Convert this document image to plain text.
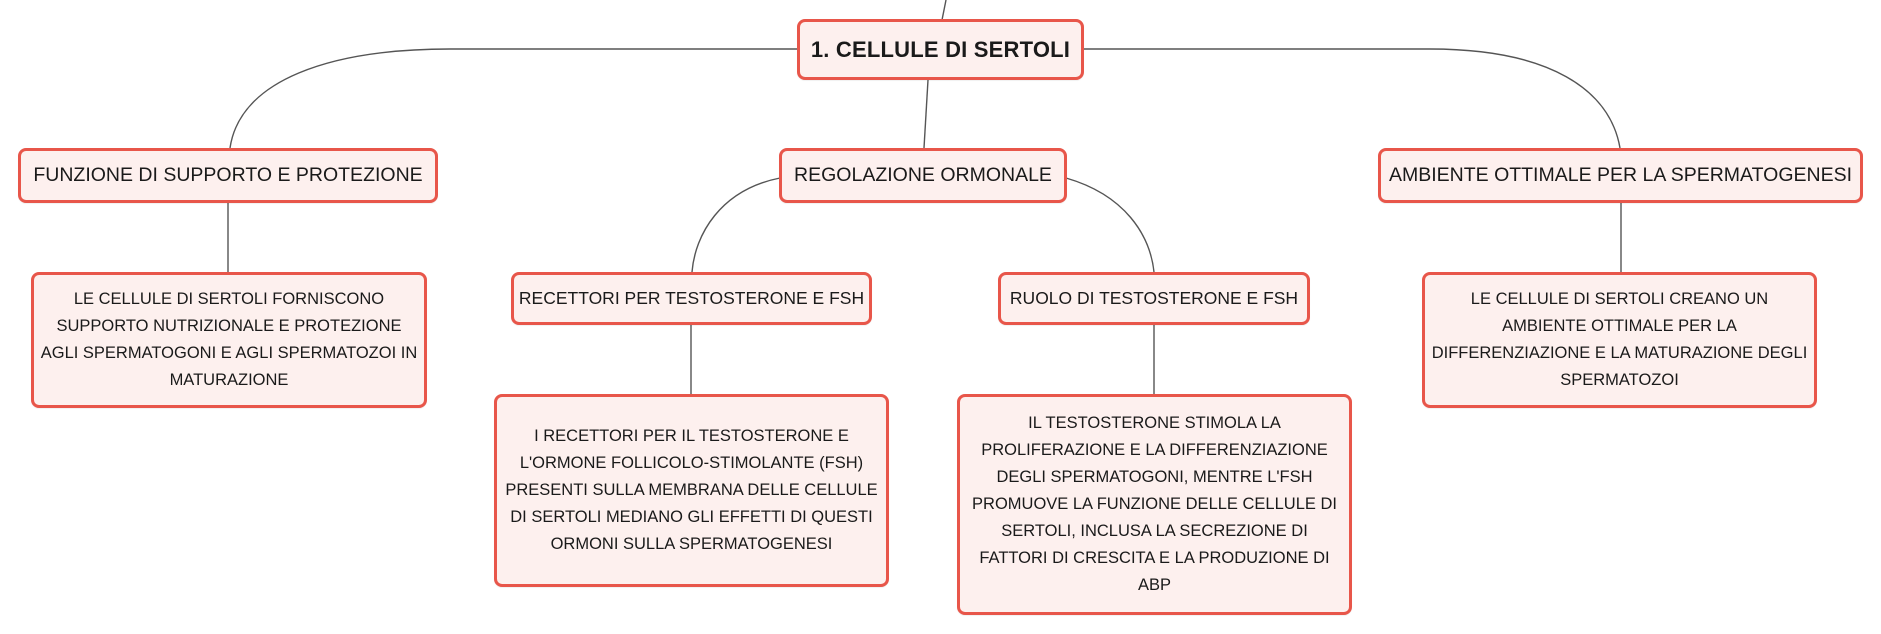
1. CELLULE DI SERTOLI
FUNZIONE DI SUPPORTO E PROTEZIONE	REGOLAZIONE ORMONALE	AMBIENTE OTTIMALE PER LA SPERMATOGENESI
LE CELLULE DI SERTOLI FORNISCONO SUPPORTO NUTRIZIONALE E PROTEZIONE AGLI SPERMATOGONI E AGLI SPERMATOZOI IN MATURAZIONE
RECETTORI PER TESTOSTERONE E FSH	RUOLO DI TESTOSTERONE E FSH	LE CELLULE DI SERTOLI CREANO UN AMBIENTE OTTIMALE PER LA DIFFERENZIAZIONE E LA MATURAZIONE DEGLI SPERMATOZOI
I RECETTORI PER IL TESTOSTERONE E L'ORMONE FOLLICOLO-STIMOLANTE (FSH) PRESENTI SULLA MEMBRANA DELLE CELLULE DI SERTOLI MEDIANO GLI EFFETTI DI QUESTI ORMONI SULLA SPERMATOGENESI
IL TESTOSTERONE STIMOLA LA PROLIFERAZIONE E LA DIFFERENZIAZIONE DEGLI SPERMATOGONI, MENTRE L'FSH PROMUOVE LA FUNZIONE DELLE CELLULE DI SERTOLI, INCLUSA LA SECREZIONE DI FATTORI DI CRESCITA E LA PRODUZIONE DI ABP
